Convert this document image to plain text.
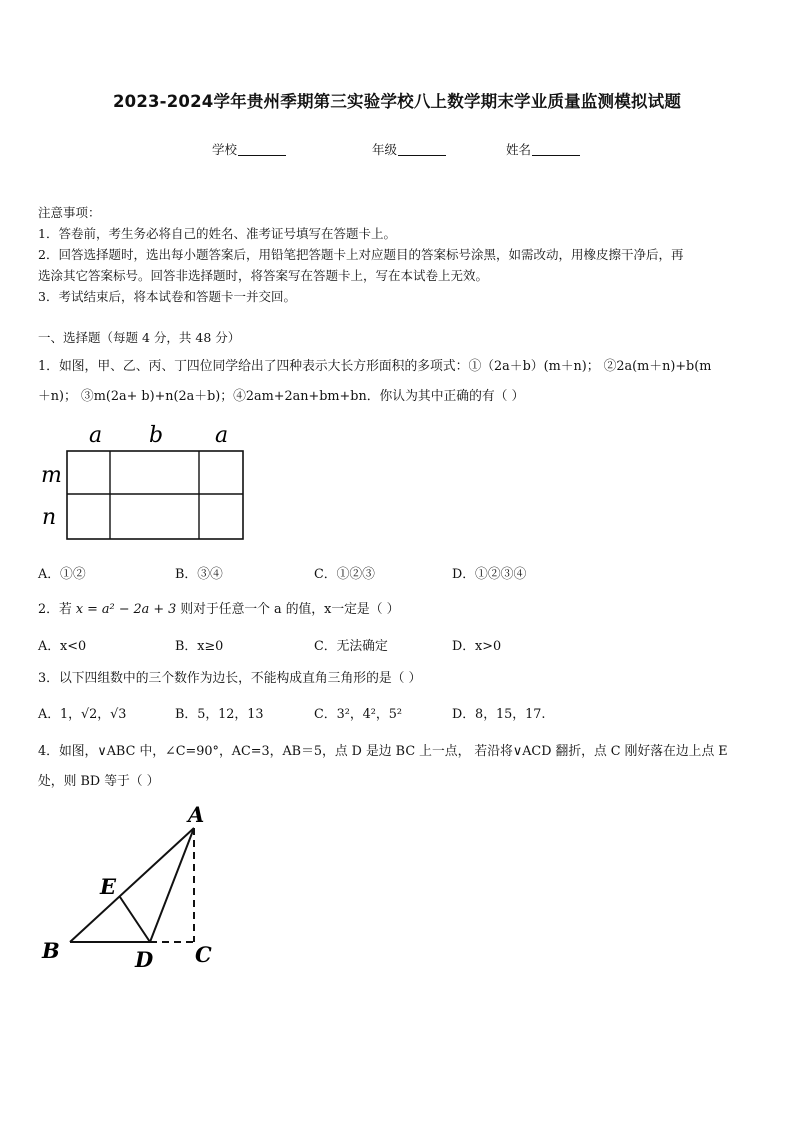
2023-2024学年贵州季期第三实验学校八上数学期末学业质量监测模拟试题
学校	年级	姓名
注意事项：
1．答卷前，考生务必将自己的姓名、准考证号填写在答题卡上。
2．回答选择题时，选出每小题答案后，用铅笔把答题卡上对应题目的答案标号涂黑，如需改动，用橡皮擦干净后，再
选涂其它答案标号。回答非选择题时，将答案写在答题卡上，写在本试卷上无效。
3．考试结束后，将本试卷和答题卡一并交回。
一、选择题（每题 4 分，共 48 分）
1．如图，甲、乙、丙、丁四位同学给出了四种表示大长方形面积的多项式：①（2a＋b）(m＋n)； ②2a(m＋n)+b(m
＋n)； ③m(2a+ b)+n(2a＋b)；④2am+2an+bm+bn．你认为其中正确的有（ ）
a b a
m
n
A．①②	B．③④	C．①②③	D．①②③④
2．若 x = a² − 2a + 3 则对于任意一个 a 的值，x一定是（ ）
A．x<0	B．x≥0	C．无法确定	D．x>0
3．以下四组数中的三个数作为边长，不能构成直角三角形的是（ ）
A．1，√2，√3	B．5，12，13	C．3²，4²，5²	D．8，15，17.
4．如图，∨ABC 中，∠C=90°，AC=3，AB＝5，点 D 是边 BC 上一点， 若沿将∨ACD 翻折，点 C 刚好落在边上点 E
处，则 BD 等于（ ）
A
E
B	D C
